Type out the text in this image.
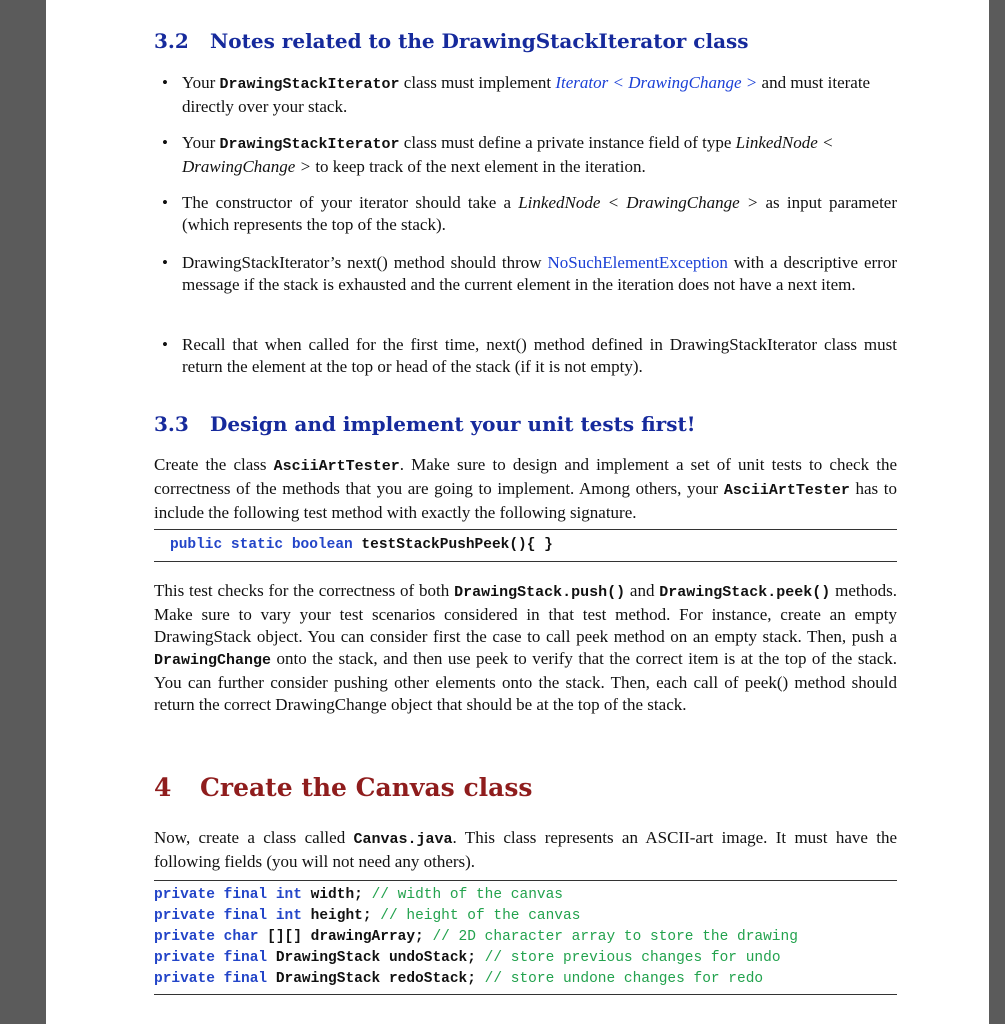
3.2 Notes related to the DrawingStackIterator class
• Your DrawingStackIterator class must implement Iterator < DrawingChange > and must iterate directly over your stack.

• Your DrawingStackIterator class must define a private instance field of type LinkedNode < DrawingChange > to keep track of the next element in the iteration.

• The constructor of your iterator should take a LinkedNode < DrawingChange > as input parameter (which represents the top of the stack).

• DrawingStackIterator’s next() method should throw NoSuchElementException with a descriptive error message if the stack is exhausted and the current element in the iteration does not have a next item.

• Recall that when called for the first time, next() method defined in DrawingStackIterator class must return the element at the top or head of the stack (if it is not empty).

3.3 Design and implement your unit tests first!

Create the class AsciiArtTester. Make sure to design and implement a set of unit tests to check the correctness of the methods that you are going to implement. Among others, your AsciiArtTester has to include the following test method with exactly the following signature.

public static boolean testStackPushPeek(){ }

This test checks for the correctness of both DrawingStack.push() and DrawingStack.peek() methods. Make sure to vary your test scenarios considered in that test method. For instance, create an empty DrawingStack object. You can consider first the case to call peek method on an empty stack. Then, push a DrawingChange onto the stack, and then use peek to verify that the correct item is at the top of the stack. You can further consider pushing other elements onto the stack. Then, each call of peek() method should return the correct DrawingChange object that should be at the top of the stack.

4 Create the Canvas class

Now, create a class called Canvas.java. This class represents an ASCII-art image. It must have the following fields (you will not need any others).

private final int width; // width of the canvas
private final int height; // height of the canvas
private char [][] drawingArray; // 2D character array to store the drawing
private final DrawingStack undoStack; // store previous changes for undo
private final DrawingStack redoStack; // store undone changes for redo
